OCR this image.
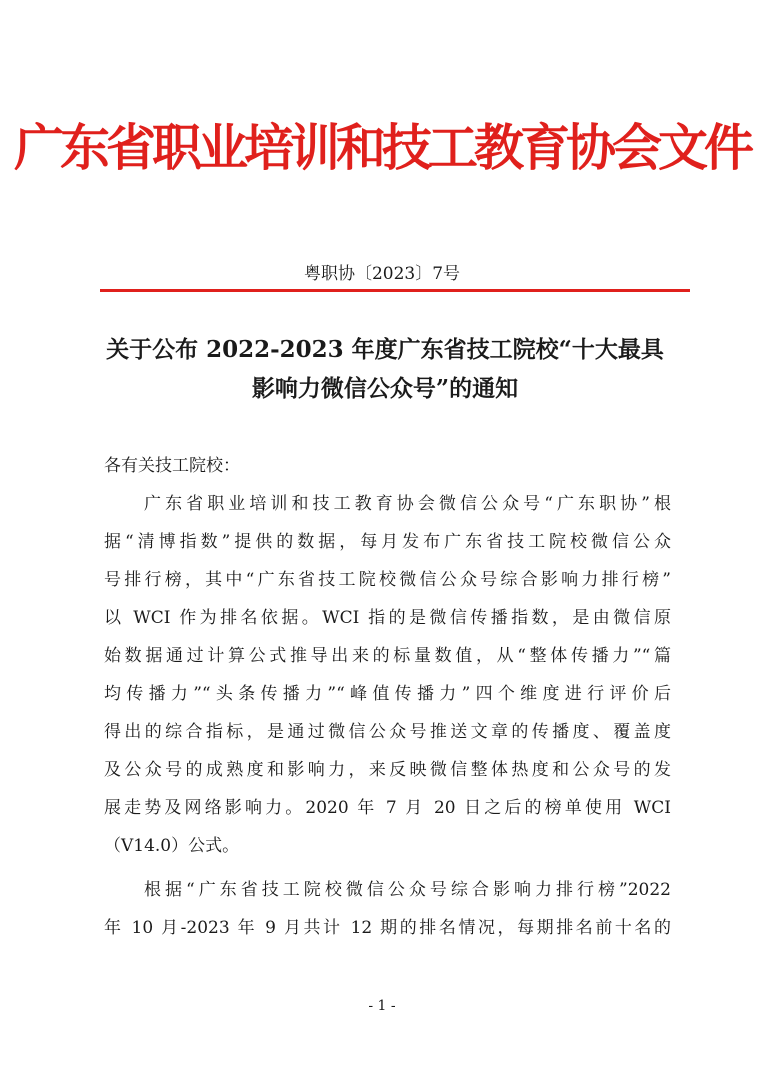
广东省职业培训和技工教育协会文件
粤职协〔2023〕7号
关于公布 2022-2023 年度广东省技工院校“十大最具
影响力微信公众号”的通知
各有关技工院校：
广东省职业培训和技工教育协会微信公众号“广东职协”根
据“清博指数”提供的数据，每月发布广东省技工院校微信公众
号排行榜，其中“广东省技工院校微信公众号综合影响力排行榜”
以 WCI 作为排名依据。WCI 指的是微信传播指数，是由微信原
始数据通过计算公式推导出来的标量数值，从“整体传播力”“篇
均传播力”“头条传播力”“峰值传播力”四个维度进行评价后
得出的综合指标，是通过微信公众号推送文章的传播度、覆盖度
及公众号的成熟度和影响力，来反映微信整体热度和公众号的发
展走势及网络影响力。2020 年 7 月 20 日之后的榜单使用 WCI
（V14.0）公式。
根据“广东省技工院校微信公众号综合影响力排行榜”2022
年 10 月-2023 年 9 月共计 12 期的排名情况，每期排名前十名的
- 1 -
